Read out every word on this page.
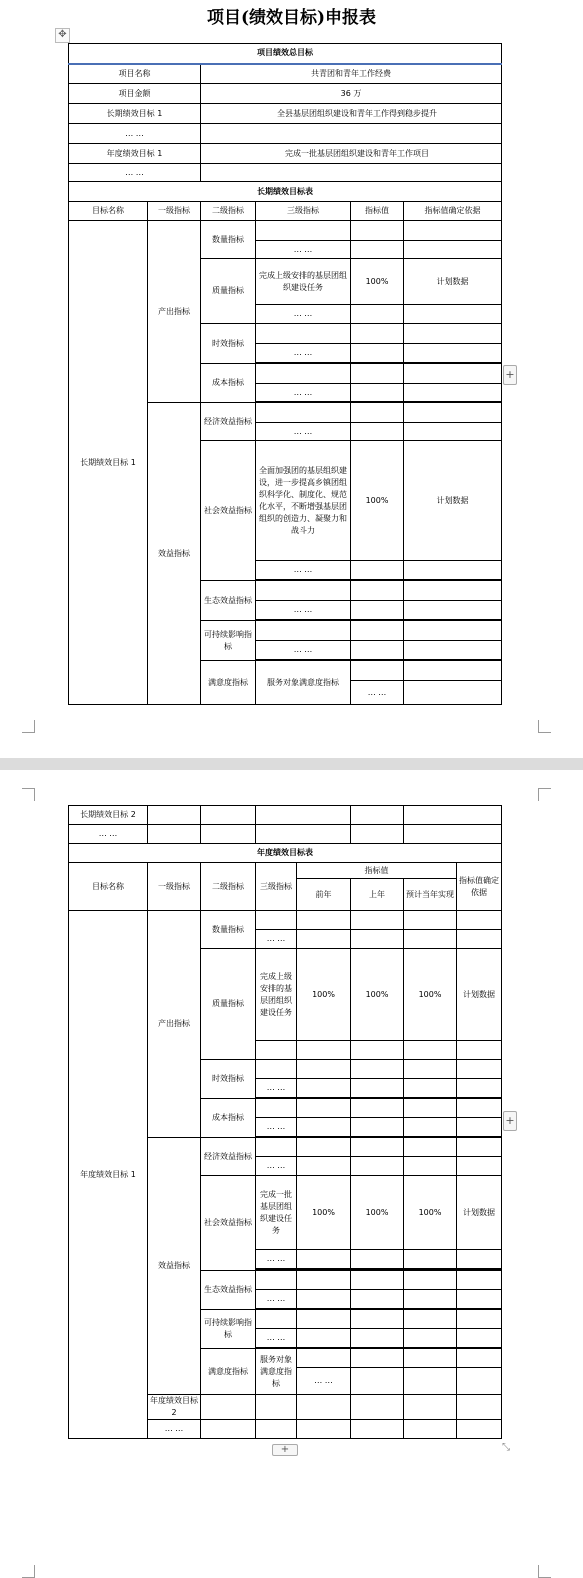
项目(绩效目标)申报表
✥
项目绩效总目标	
项目名称	共青团和青年工作经费
项目金额	36 万
长期绩效目标 1	全县基层团组织建设和青年工作得到稳步提升
… …	
年度绩效目标 1	完成一批基层团组织建设和青年工作项目
… …	
长期绩效目标表						
目标名称	一级指标	二级指标	三级指标	指标值	指标值确定依据	
长期绩效目标 1	产出指标	数量指标				
			… …			
		质量指标	完成上级安排的基层团组织建设任务	100%	计划数据	
			… …			
		时效指标				
			… …			

		成本指标				
			… …			

	效益指标	经济效益指标				
			… …			
		社会效益指标	全面加强团的基层组织建设，进一步提高乡镇团组织科学化、制度化、规范化水平，不断增强基层团组织的创造力、凝聚力和战斗力	100%	计划数据	
			… …			

		生态效益指标				
			… …			

		可持续影响指标				
			… …			

		满意度指标	服务对象满意度指标			
				… …		
+
长期绩效目标 2					
… …					
年度绩效目标表								
目标名称	一级指标	二级指标	三级指标	指标值			指标值确定依据	
				前年	上年	预计当年实现		
年度绩效目标 1	产出指标	数量指标						
			… …					
		质量指标	完成上级安排的基层团组织建设任务	100%	100%	100%	计划数据	

		时效指标						
			… …					

		成本指标						
			… …					

	效益指标	经济效益指标						
			… …					
		社会效益指标	完成一批基层团组织建设任务	100%	100%	100%	计划数据	
			… …					

		生态效益指标						
			… …					

		可持续影响指标						
			… …					

		满意度指标	服务对象满意度指标					
				… …				
	年度绩效目标 2							
	… …							
+
+	⤡
